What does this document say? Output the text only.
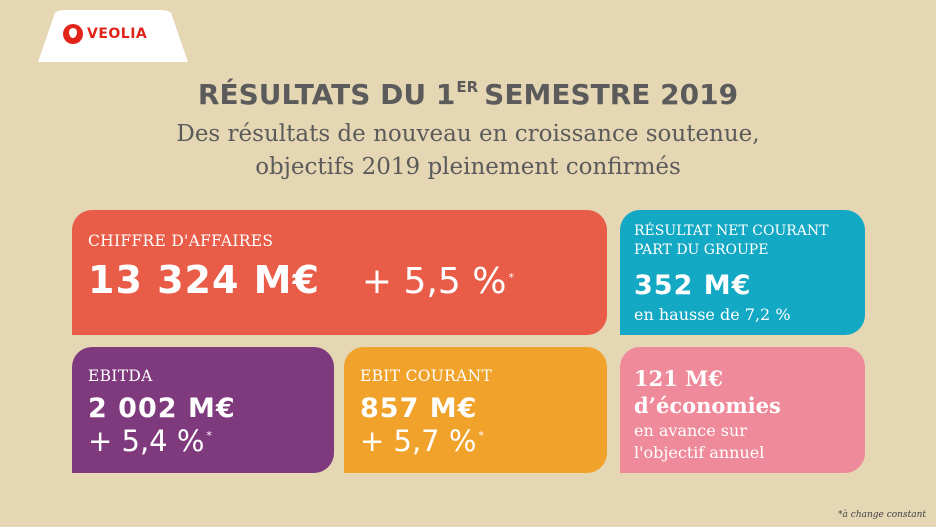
VEOLIA
RÉSULTATS DU 1ER SEMESTRE 2019
Des résultats de nouveau en croissance soutenue,
objectifs 2019 pleinement confirmés
CHIFFRE D'AFFAIRES
13 324 M€ + 5,5 % *
RÉSULTAT NET COURANT
PART DU GROUPE
352 M€
en hausse de 7,2 %
EBITDA
2 002 M€
+ 5,4 % *
EBIT COURANT
857 M€
+ 5,7 % *
121 M€
d’économies
en avance sur
l'objectif annuel
*à change constant
